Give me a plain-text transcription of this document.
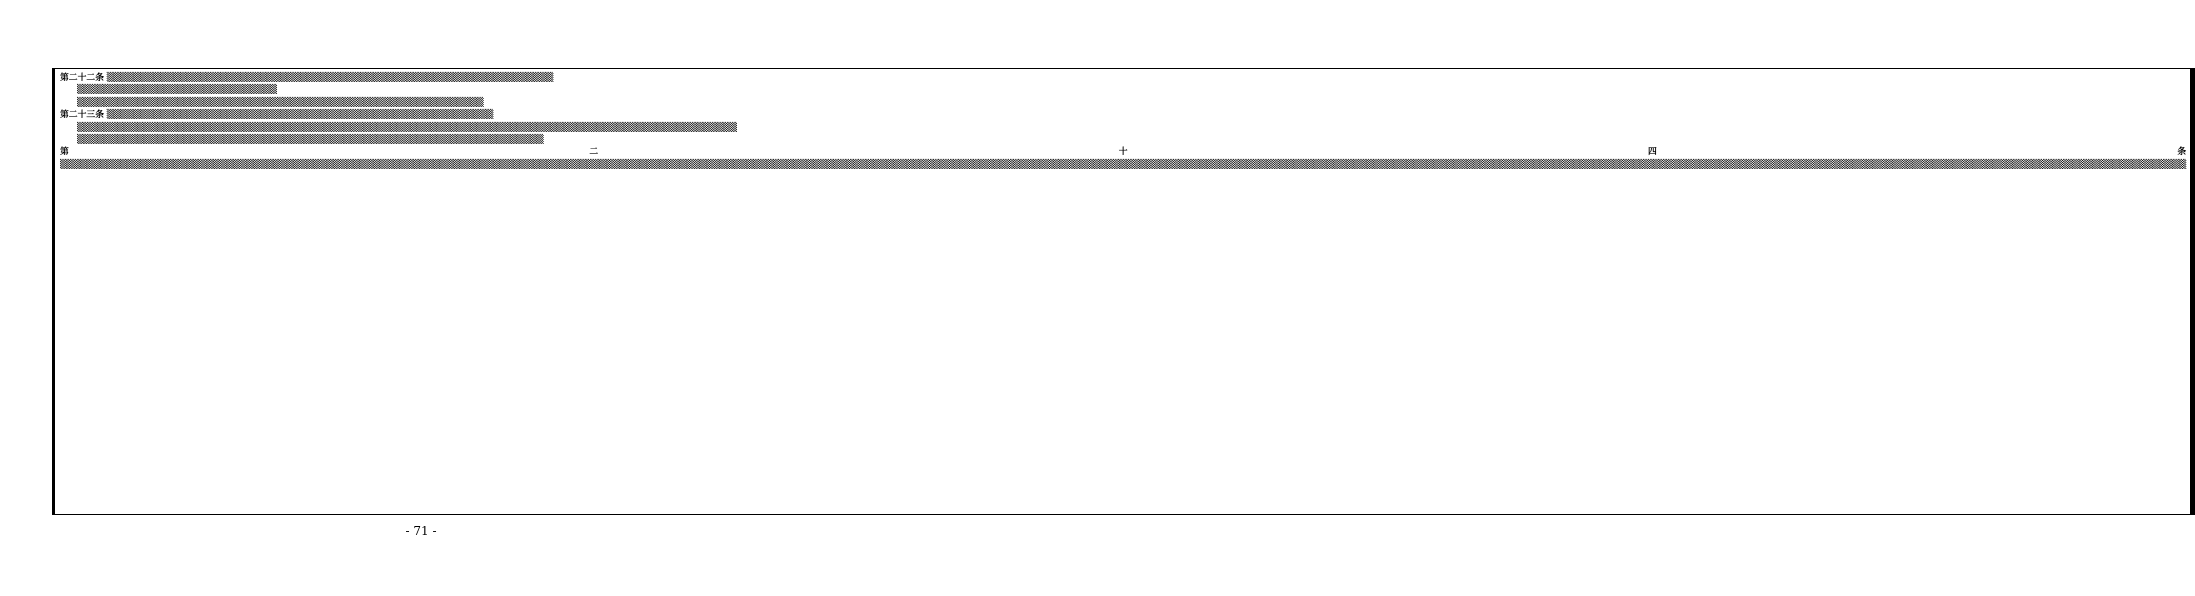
第二十二条 ▒▒▒▒▒▒▒▒▒▒▒▒▒▒▒▒▒▒▒▒▒▒▒▒▒▒▒▒▒▒▒▒▒▒▒▒▒▒▒▒▒▒▒▒▒▒▒▒▒▒▒▒▒▒▒▒▒▒▒▒▒▒▒▒▒▒▒

▒▒▒▒▒▒▒▒▒▒▒▒▒▒▒▒▒▒▒▒▒▒▒▒▒▒▒▒▒▒

▒▒▒▒▒▒▒▒▒▒▒▒▒▒▒▒▒▒▒▒▒▒▒▒▒▒▒▒▒▒▒▒▒▒▒▒▒▒▒▒▒▒▒▒▒▒▒▒▒▒▒▒▒▒▒▒▒▒▒▒▒

第二十三条 ▒▒▒▒▒▒▒▒▒▒▒▒▒▒▒▒▒▒▒▒▒▒▒▒▒▒▒▒▒▒▒▒▒▒▒▒▒▒▒▒▒▒▒▒▒▒▒▒▒▒▒▒▒▒▒▒▒▒

▒▒▒▒▒▒▒▒▒▒▒▒▒▒▒▒▒▒▒▒▒▒▒▒▒▒▒▒▒▒▒▒▒▒▒▒▒▒▒▒▒▒▒▒▒▒▒▒▒▒▒▒▒▒▒▒▒▒▒▒▒▒▒▒▒▒▒▒▒▒▒▒▒▒▒▒▒▒▒▒▒▒▒▒▒▒▒▒▒▒▒▒▒▒▒▒▒▒▒

▒▒▒▒▒▒▒▒▒▒▒▒▒▒▒▒▒▒▒▒▒▒▒▒▒▒▒▒▒▒▒▒▒▒▒▒▒▒▒▒▒▒▒▒▒▒▒▒▒▒▒▒▒▒▒▒▒▒▒▒▒▒▒▒▒▒▒▒▒▒

第二十四条 ▒▒▒▒▒▒▒▒▒▒▒▒▒▒▒▒▒▒▒▒▒▒▒▒▒▒▒▒▒▒▒▒▒▒▒▒▒▒▒▒▒▒▒▒▒▒▒▒▒▒▒▒▒▒▒▒▒▒▒▒▒▒▒▒▒▒▒▒▒▒▒▒▒▒▒▒▒▒▒▒▒▒▒▒▒▒▒▒▒▒▒▒▒▒▒▒▒▒▒▒▒▒▒▒▒▒▒▒▒▒▒▒▒▒▒▒▒▒▒▒▒▒▒▒▒▒▒▒▒▒▒▒▒▒▒▒▒▒▒▒▒▒▒▒▒▒▒▒▒▒▒▒▒▒▒▒▒▒▒▒▒▒▒▒▒▒▒▒▒▒▒▒▒▒▒▒▒▒▒▒▒▒▒▒▒▒▒▒▒▒▒▒▒▒▒▒▒▒▒▒▒▒▒▒▒▒▒▒▒▒▒▒▒▒▒▒▒▒▒▒▒▒▒▒▒▒▒▒▒▒▒▒▒▒▒▒▒▒▒▒▒▒▒▒▒▒▒▒▒▒▒▒▒▒▒▒▒▒▒▒▒▒▒▒▒▒▒▒▒▒▒▒▒▒▒▒▒▒▒▒▒▒▒▒▒▒▒▒▒▒▒▒▒▒▒▒▒▒▒▒▒▒▒▒▒▒▒▒▒▒▒▒▒▒▒▒▒▒▒

- 71 -
